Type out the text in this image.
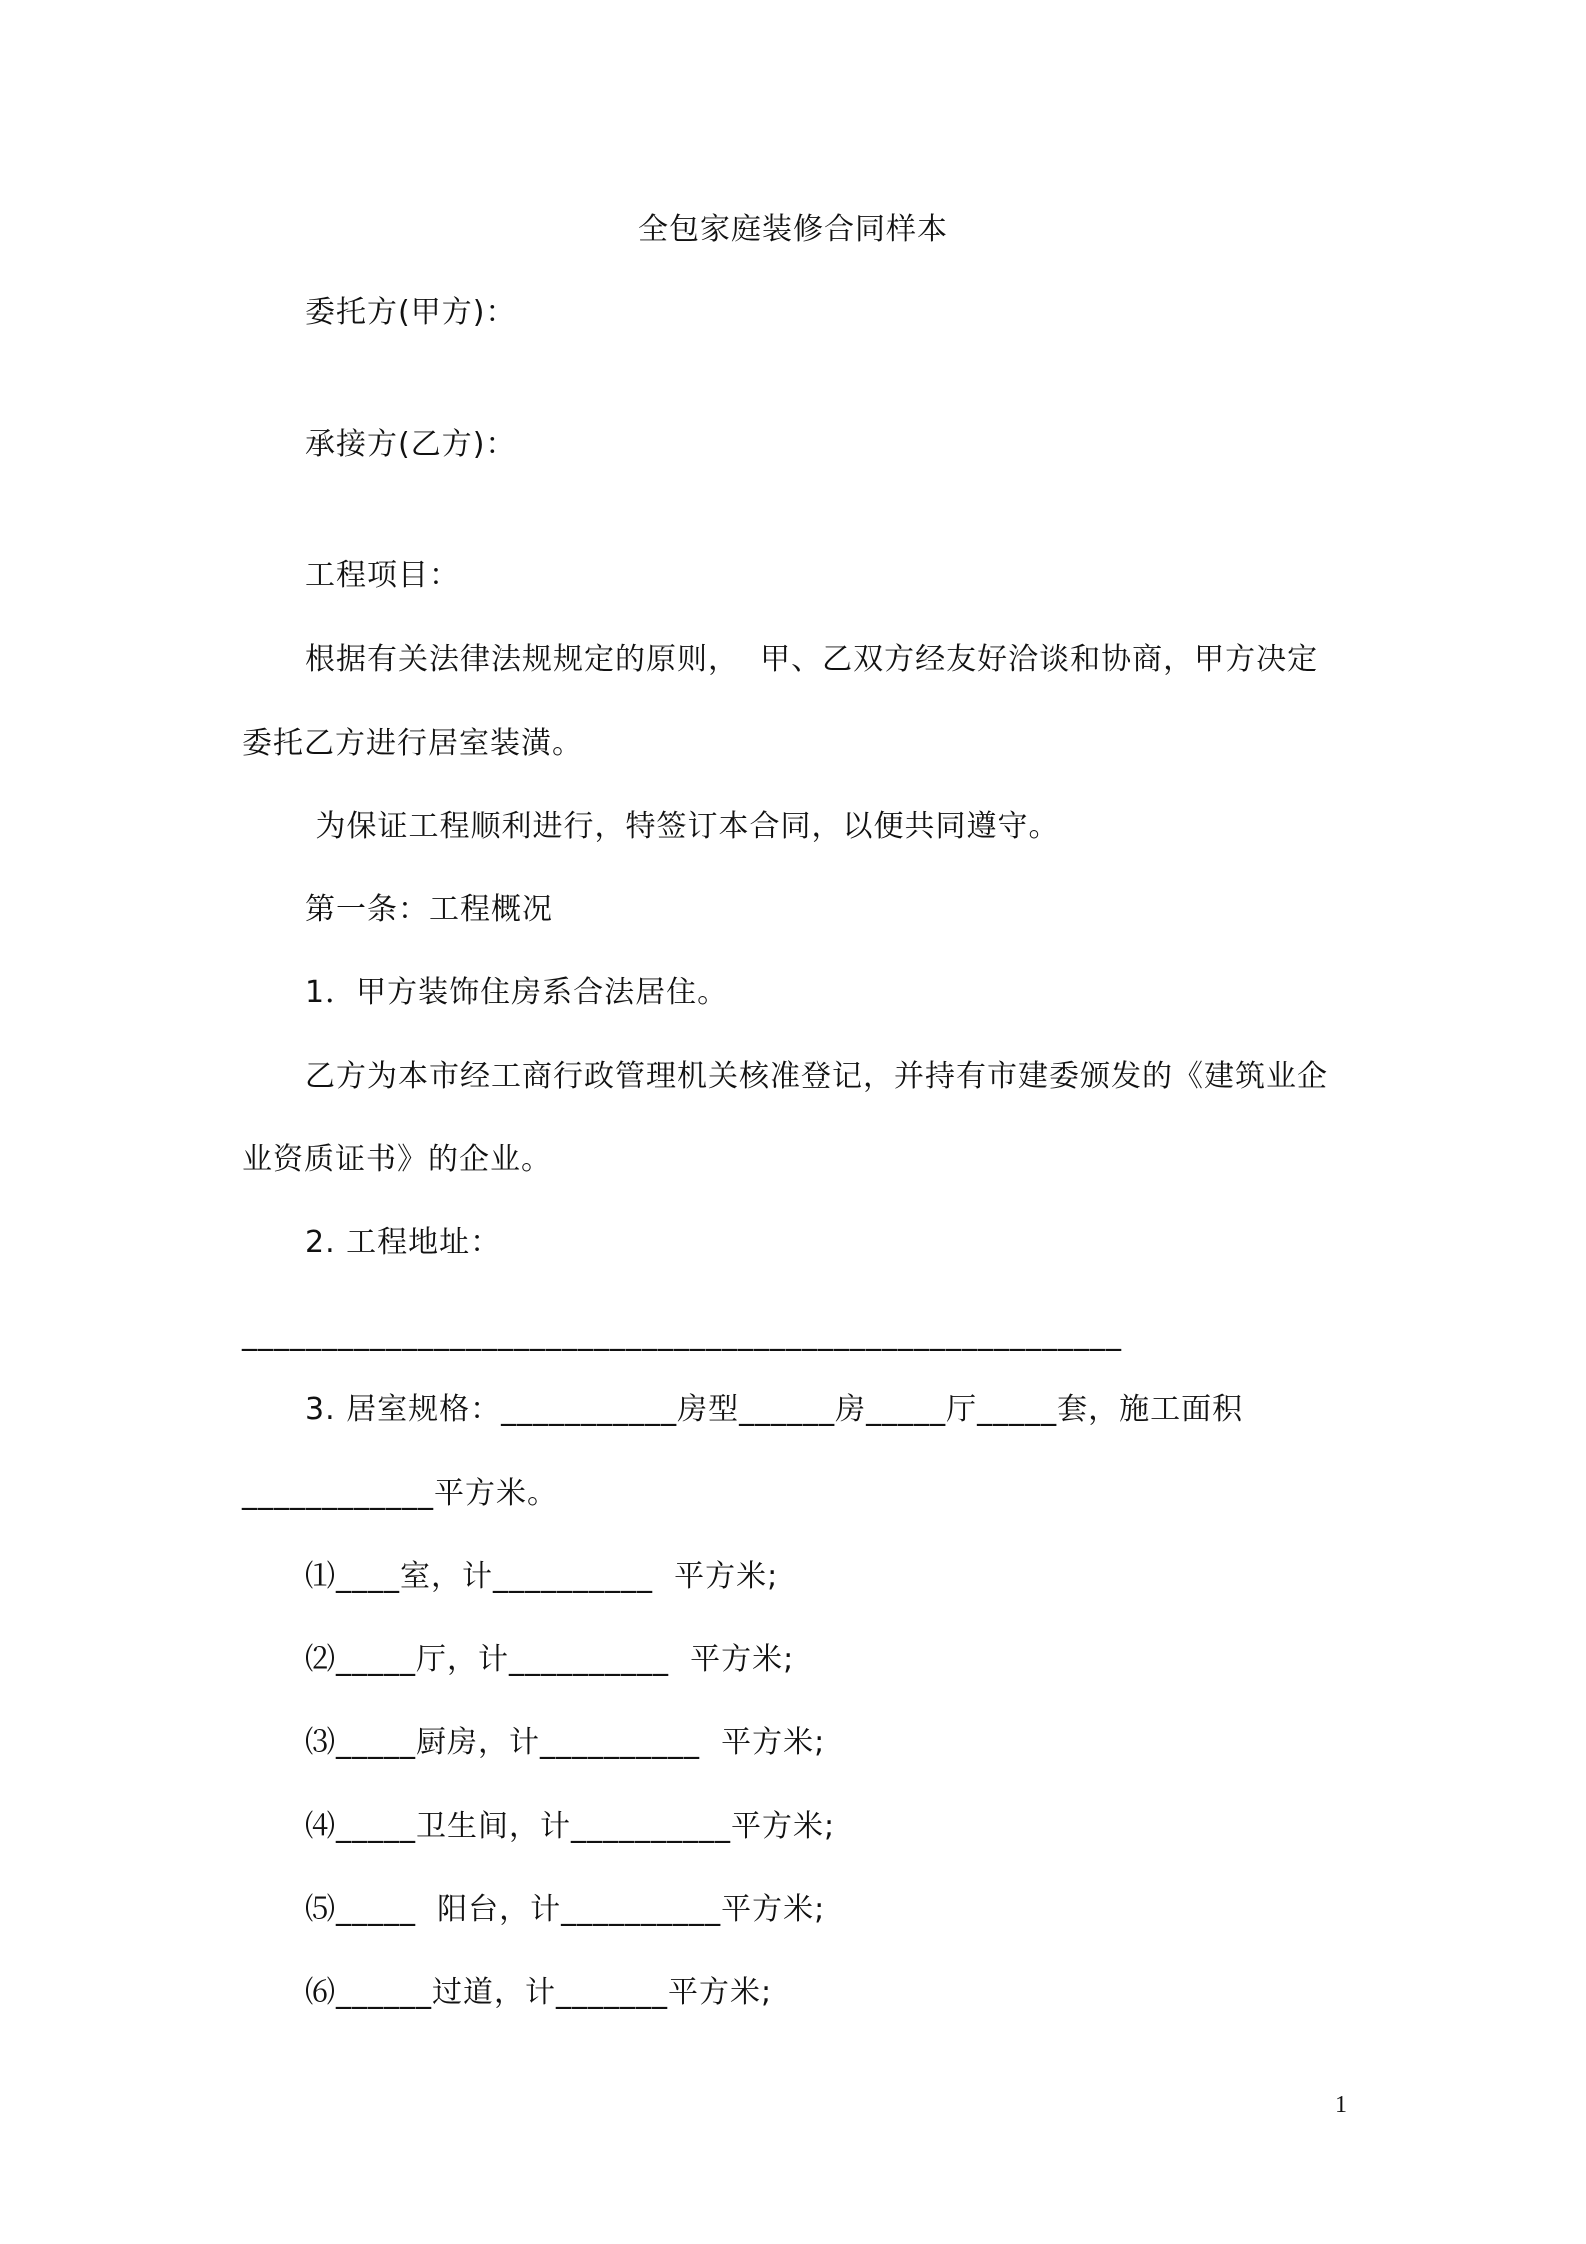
全包家庭装修合同样本
委托方(甲方)：
承接方(乙方)：
工程项目：
根据有关法律法规规定的原则，  甲、乙双方经友好洽谈和协商，甲方决定
委托乙方进行居室装潢。
为保证工程顺利进行，特签订本合同，以便共同遵守。
第一条：工程概况
1．甲方装饰住房系合法居住。
乙方为本市经工商行政管理机关核准登记，并持有市建委颁发的《建筑业企
业资质证书》的企业。
2. 工程地址：
_______________________________________________________
3. 居室规格：___________房型______房_____厅_____套，施工面积
____________平方米。
⑴____室，计__________  平方米;
⑵_____厅，计__________  平方米;
⑶_____厨房，计__________  平方米;
⑷_____卫生间，计__________平方米;
⑸_____  阳台，计__________平方米;
⑹______过道，计_______平方米;
1
